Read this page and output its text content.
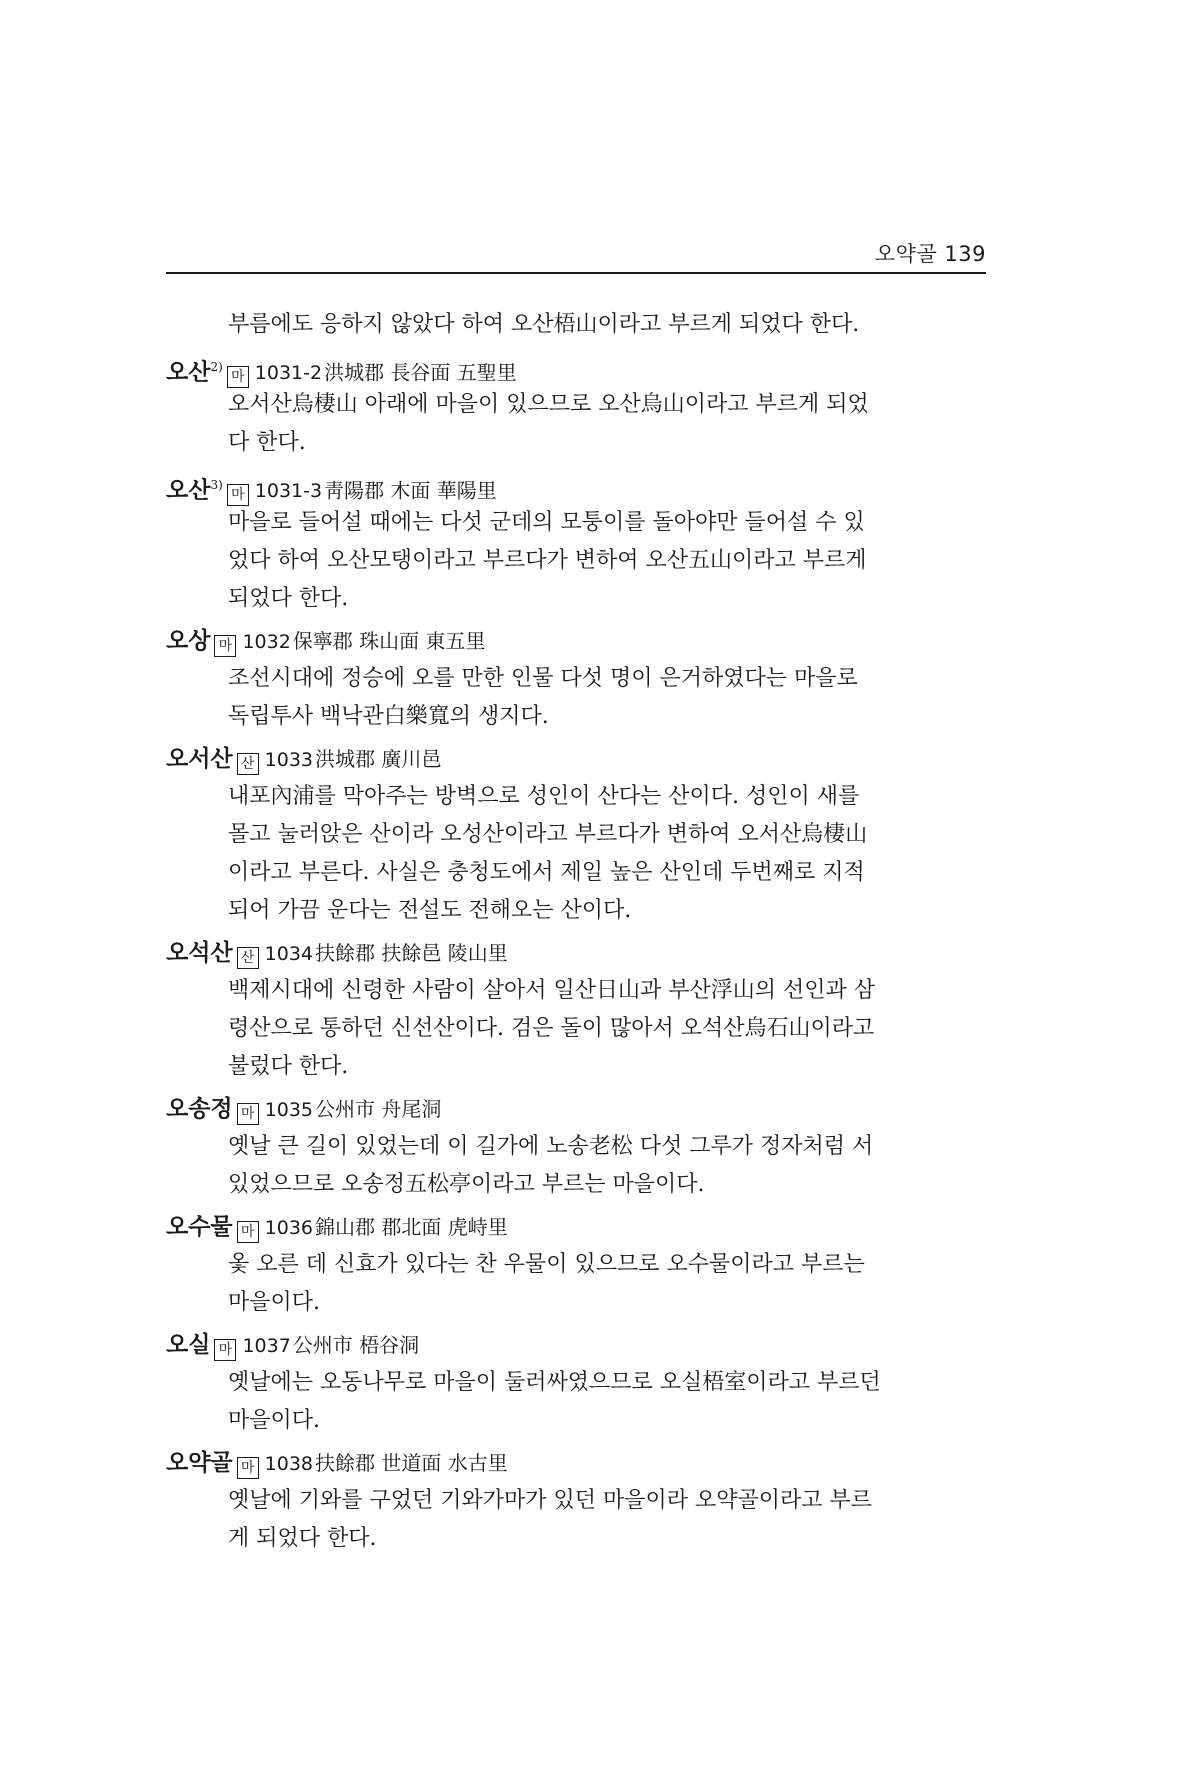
오약골 139
부름에도 응하지 않았다 하여 오산梧山이라고 부르게 되었다 한다.
오산$^{2)}$마 1031-2 洪城郡 長谷面 五聖里
오서산烏棲山 아래에 마을이 있으므로 오산烏山이라고 부르게 되었
다 한다.
오산$^{3)}$마 1031-3 靑陽郡 木面 華陽里
마을로 들어설 때에는 다섯 군데의 모퉁이를 돌아야만 들어설 수 있
었다 하여 오산모탱이라고 부르다가 변하여 오산五山이라고 부르게
되었다 한다.
오상 마 1032 保寧郡 珠山面 東五里
조선시대에 정승에 오를 만한 인물 다섯 명이 은거하였다는 마을로
독립투사 백낙관白樂寬의 생지다.
오서산 산 1033 洪城郡 廣川邑
내포內浦를 막아주는 방벽으로 성인이 산다는 산이다. 성인이 새를
몰고 눌러앉은 산이라 오성산이라고 부르다가 변하여 오서산烏棲山
이라고 부른다. 사실은 충청도에서 제일 높은 산인데 두번째로 지적
되어 가끔 운다는 전설도 전해오는 산이다.
오석산 산 1034 扶餘郡 扶餘邑 陵山里
백제시대에 신령한 사람이 살아서 일산日山과 부산浮山의 선인과 삼
령산으로 통하던 신선산이다. 검은 돌이 많아서 오석산烏石山이라고
불렀다 한다.
오송정 마 1035 公州市 舟尾洞
옛날 큰 길이 있었는데 이 길가에 노송老松 다섯 그루가 정자처럼 서
있었으므로 오송정五松亭이라고 부르는 마을이다.
오수물 마 1036 錦山郡 郡北面 虎峙里
옻 오른 데 신효가 있다는 찬 우물이 있으므로 오수물이라고 부르는
마을이다.
오실 마 1037 公州市 梧谷洞
옛날에는 오동나무로 마을이 둘러싸였으므로 오실梧室이라고 부르던
마을이다.
오약골 마 1038 扶餘郡 世道面 水古里
옛날에 기와를 구었던 기와가마가 있던 마을이라 오약골이라고 부르
게 되었다 한다.
